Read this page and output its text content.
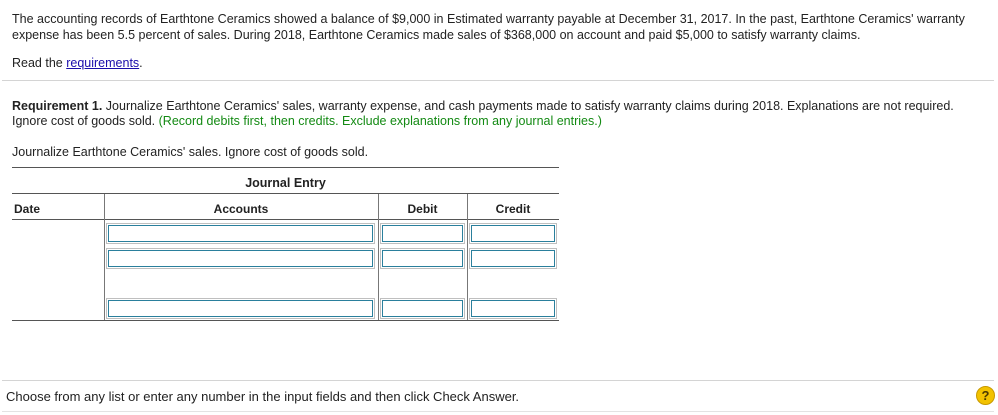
The accounting records of Earthtone Ceramics showed a balance of $9,000 in Estimated warranty payable at December 31, 2017. In the past, Earthtone Ceramics' warranty expense has been 5.5 percent of sales. During 2018, Earthtone Ceramics made sales of $368,000 on account and paid $5,000 to satisfy warranty claims.
Read the requirements.
Requirement 1. Journalize Earthtone Ceramics' sales, warranty expense, and cash payments made to satisfy warranty claims during 2018. Explanations are not required. Ignore cost of goods sold. (Record debits first, then credits. Exclude explanations from any journal entries.)
Journalize Earthtone Ceramics' sales. Ignore cost of goods sold.
Journal Entry
Date	Accounts	Debit	Credit
Choose from any list or enter any number in the input fields and then click Check Answer.	?
